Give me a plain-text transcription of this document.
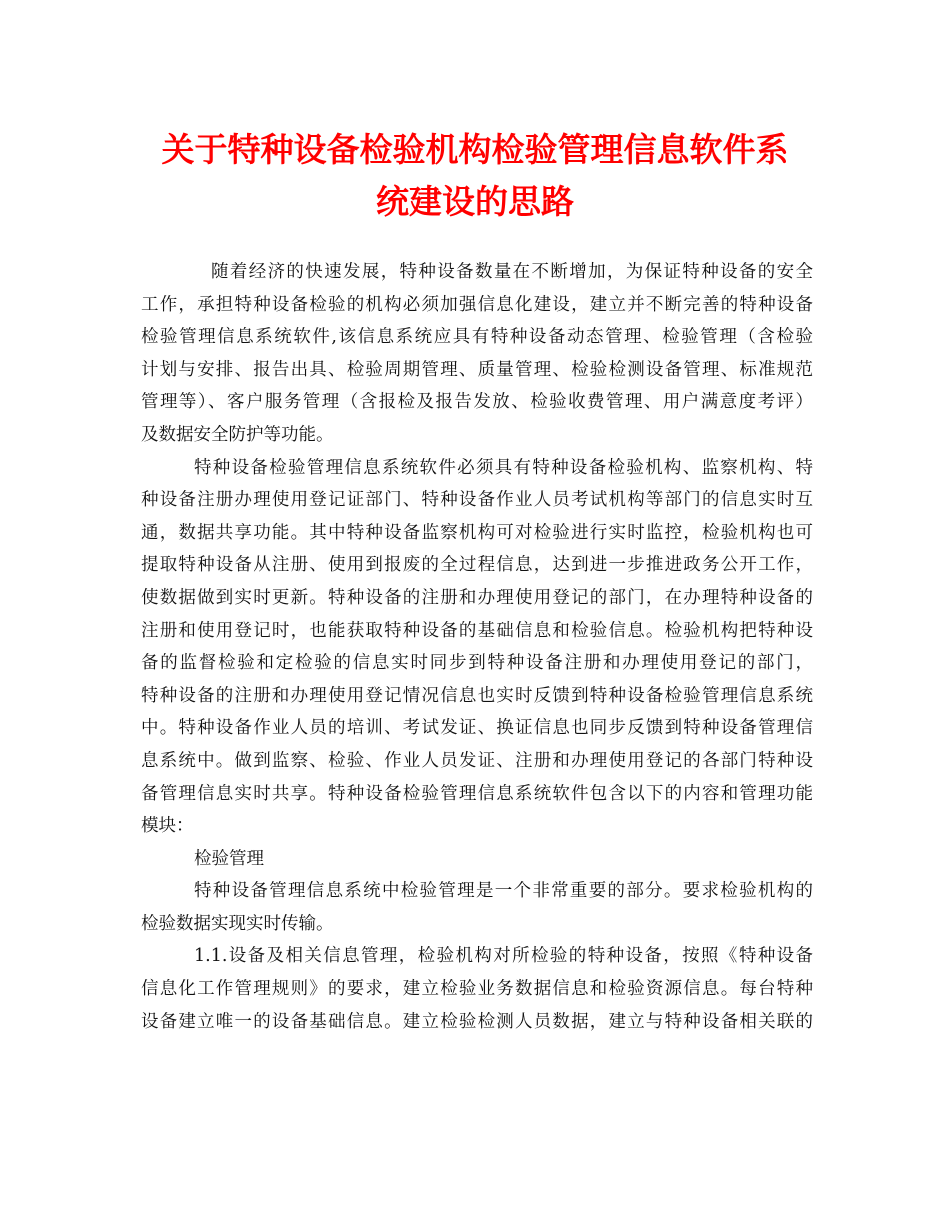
关于特种设备检验机构检验管理信息软件系
统建设的思路
随着经济的快速发展，特种设备数量在不断增加，为保证特种设备的安全
工作，承担特种设备检验的机构必须加强信息化建设，建立并不断完善的特种设备
检验管理信息系统软件,该信息系统应具有特种设备动态管理、检验管理（含检验
计划与安排、报告出具、检验周期管理、质量管理、检验检测设备管理、标准规范
管理等）、客户服务管理（含报检及报告发放、检验收费管理、用户满意度考评）
及数据安全防护等功能。
特种设备检验管理信息系统软件必须具有特种设备检验机构、监察机构、特
种设备注册办理使用登记证部门、特种设备作业人员考试机构等部门的信息实时互
通，数据共享功能。其中特种设备监察机构可对检验进行实时监控，检验机构也可
提取特种设备从注册、使用到报废的全过程信息，达到进一步推进政务公开工作，
使数据做到实时更新。特种设备的注册和办理使用登记的部门，在办理特种设备的
注册和使用登记时，也能获取特种设备的基础信息和检验信息。检验机构把特种设
备的监督检验和定检验的信息实时同步到特种设备注册和办理使用登记的部门，
特种设备的注册和办理使用登记情况信息也实时反馈到特种设备检验管理信息系统
中。特种设备作业人员的培训、考试发证、换证信息也同步反馈到特种设备管理信
息系统中。做到监察、检验、作业人员发证、注册和办理使用登记的各部门特种设
备管理信息实时共享。特种设备检验管理信息系统软件包含以下的内容和管理功能
模块：
检验管理
特种设备管理信息系统中检验管理是一个非常重要的部分。要求检验机构的
检验数据实现实时传输。
1.1.设备及相关信息管理，检验机构对所检验的特种设备，按照《特种设备
信息化工作管理规则》的要求，建立检验业务数据信息和检验资源信息。每台特种
设备建立唯一的设备基础信息。建立检验检测人员数据，建立与特种设备相关联的
